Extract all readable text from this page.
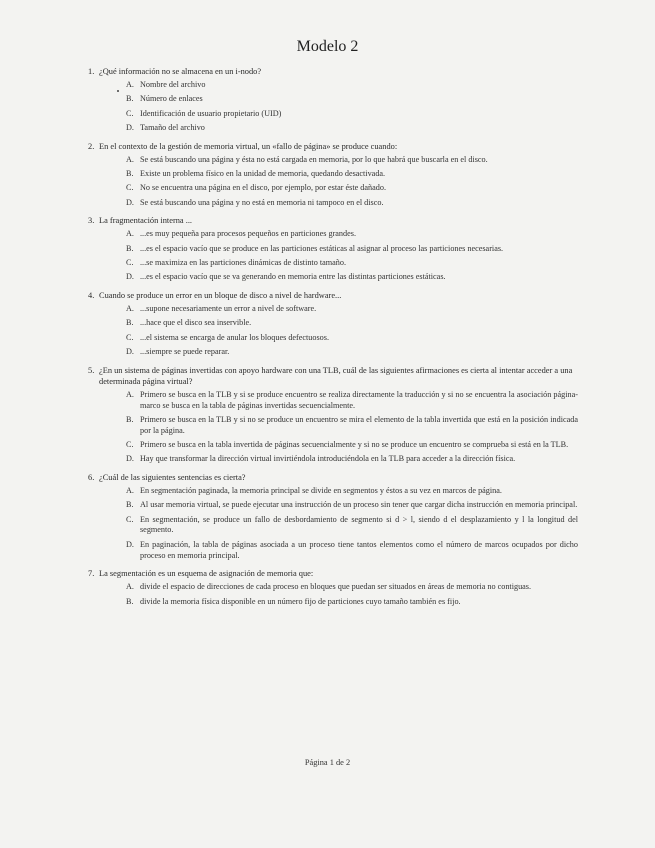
Modelo 2
1. ¿Qué información no se almacena en un i-nodo?
A. Nombre del archivo
B. Número de enlaces
C. Identificación de usuario propietario (UID)
D. Tamaño del archivo
2. En el contexto de la gestión de memoria virtual, un «fallo de página» se produce cuando:
A. Se está buscando una página y ésta no está cargada en memoria, por lo que habrá que buscarla en el disco.
B. Existe un problema físico en la unidad de memoria, quedando desactivada.
C. No se encuentra una página en el disco, por ejemplo, por estar éste dañado.
D. Se está buscando una página y no está en memoria ni tampoco en el disco.
3. La fragmentación interna ...
A. ...es muy pequeña para procesos pequeños en particiones grandes.
B. ...es el espacio vacío que se produce en las particiones estáticas al asignar al proceso las particiones necesarias.
C. ...se maximiza en las particiones dinámicas de distinto tamaño.
D. ...es el espacio vacío que se va generando en memoria entre las distintas particiones estáticas.
4. Cuando se produce un error en un bloque de disco a nivel de hardware...
A. ...supone necesariamente un error a nivel de software.
B. ...hace que el disco sea inservible.
C. ...el sistema se encarga de anular los bloques defectuosos.
D. ...siempre se puede reparar.
5. ¿En un sistema de páginas invertidas con apoyo hardware con una TLB, cuál de las siguientes afirmaciones es cierta al intentar acceder a una determinada página virtual?
A. Primero se busca en la TLB y si se produce encuentro se realiza directamente la traducción y si no se encuentra la asociación página-marco se busca en la tabla de páginas invertidas secuencialmente.
B. Primero se busca en la TLB y si no se produce un encuentro se mira el elemento de la tabla invertida que está en la posición indicada por la página.
C. Primero se busca en la tabla invertida de páginas secuencialmente y si no se produce un encuentro se comprueba si está en la TLB.
D. Hay que transformar la dirección virtual invirtiéndola introduciéndola en la TLB para acceder a la dirección física.
6. ¿Cuál de las siguientes sentencias es cierta?
A. En segmentación paginada, la memoria principal se divide en segmentos y éstos a su vez en marcos de página.
B. Al usar memoria virtual, se puede ejecutar una instrucción de un proceso sin tener que cargar dicha instrucción en memoria principal.
C. En segmentación, se produce un fallo de desbordamiento de segmento si d > l, siendo d el desplazamiento y l la longitud del segmento.
D. En paginación, la tabla de páginas asociada a un proceso tiene tantos elementos como el número de marcos ocupados por dicho proceso en memoria principal.
7. La segmentación es un esquema de asignación de memoria que:
A. divide el espacio de direcciones de cada proceso en bloques que puedan ser situados en áreas de memoria no contiguas.
B. divide la memoria física disponible en un número fijo de particiones cuyo tamaño también es fijo.
Página 1 de 2
